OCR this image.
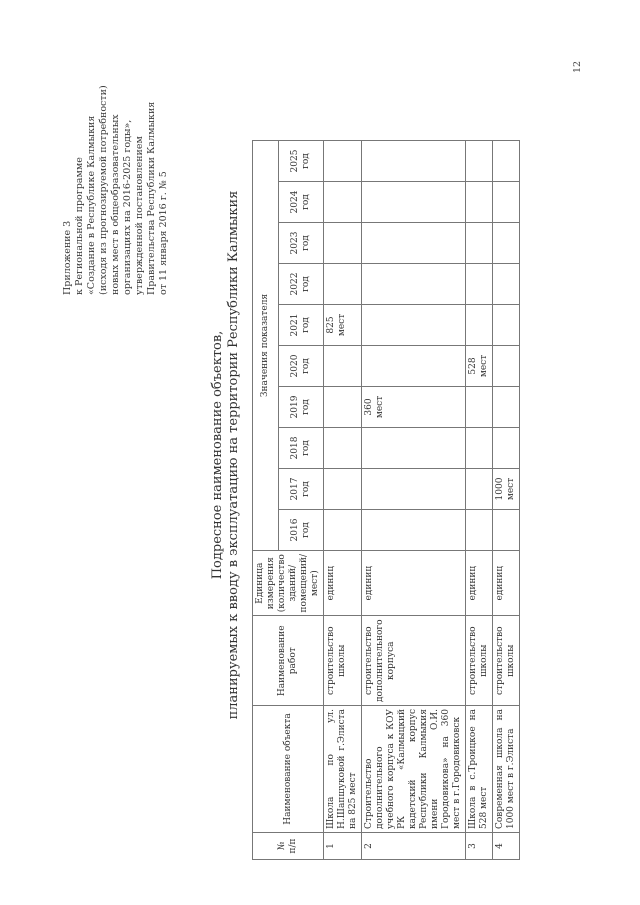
Приложение 3 к Региональной программе «Создание в Республике Калмыкия (исходя из прогнозируемой потребности) новых мест в общеобразовательных организациях на 2016-2025 годы», утвержденной постановлением Правительства Республики Калмыкия от 11 января 2016 г. № 5
Подресное наименование объектов, планируемых к вводу в эксплуатацию на территории Республики Калмыкия
№ п/п	Наименование объекта	Наименование работ	Единица измерения (количество зданий/ помещений/ мест)	Значения показателя									
				2016 год	2017 год	2018 год	2019 год	2020 год	2021 год	2022 год	2023 год	2024 год	2025 год
1	Школа по ул. Н.Шапшуковой г.Элиста на 825 мест	строительство школы	единиц						825 мест				
2	Строительство дополнительного учебного корпуса к КОУ РК «Калмыцкий кадетский корпус Республики Калмыкия имени О.И. Городовикова» на 360 мест в г.Городовиковск	строительство дополнительного корпуса	единиц				360 мест						
3	Школа в с.Троицкое на 528 мест	строительство школы	единиц					528 мест					
4	Современная школа на 1000 мест в г.Элиста	строительство школы	единиц		1000 мест								
12
